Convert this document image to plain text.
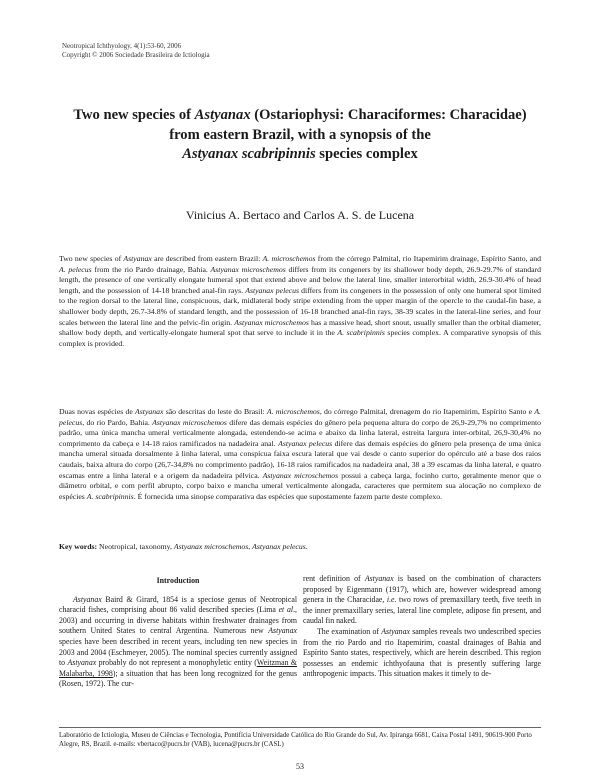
Neotropical Ichthyology, 4(1):53-60, 2006
Copyright © 2006 Sociedade Brasileira de Ictiologia
Two new species of Astyanax (Ostariophysi: Characiformes: Characidae)
from eastern Brazil, with a synopsis of the
Astyanax scabripinnis species complex
Vinicius A. Bertaco and Carlos A. S. de Lucena

Two new species of Astyanax are described from eastern Brazil: A. microschemos from the córrego Palmital, rio Itapemirim drainage, Espírito Santo, and A. pelecus from the rio Pardo drainage, Bahia. Astyanax microschemos differs from its congeners by its shallower body depth, 26.9-29.7% of standard length, the presence of one vertically elongate humeral spot that extend above and below the lateral line, smaller interorbital width, 26.9-30.4% of head length, and the possession of 14-18 branched anal-fin rays. Astyanax pelecus differs from its congeners in the possession of only one humeral spot limited to the region dorsal to the lateral line, conspicuous, dark, midlateral body stripe extending from the upper margin of the opercle to the caudal-fin base, a shallower body depth, 26.7-34.8% of standard length, and the possession of 16-18 branched anal-fin rays, 38-39 scales in the lateral-line series, and four scales between the lateral line and the pelvic-fin origin. Astyanax microschemos has a massive head, short snout, usually smaller than the orbital diameter, shallow body depth, and vertically-elongate humeral spot that serve to include it in the A. scabripinnis species complex. A comparative synopsis of this complex is provided.

Duas novas espécies de Astyanax são descritas do leste do Brasil: A. microschemos, do córrego Palmital, drenagem do rio Itapemirim, Espírito Santo e A. pelecus, do rio Pardo, Bahia. Astyanax microschemos difere das demais espécies do gênero pela pequena altura do corpo de 26,9-29,7% no comprimento padrão, uma única mancha umeral verticalmente alongada, estendendo-se acima e abaixo da linha lateral, estreita largura inter-orbital, 26,9-30,4% no comprimento da cabeça e 14-18 raios ramificados na nadadeira anal. Astyanax pelecus difere das demais espécies do gênero pela presença de uma única mancha umeral situada dorsalmente à linha lateral, uma conspícua faixa escura lateral que vai desde o canto superior do opérculo até a base dos raios caudais, baixa altura do corpo (26,7-34,8% no comprimento padrão), 16-18 raios ramificados na nadadeira anal, 38 a 39 escamas da linha lateral, e quatro escamas entre a linha lateral e a origem da nadadeira pélvica. Astyanax microschemos possui a cabeça larga, focinho curto, geralmente menor que o diâmetro orbital, e com perfil abrupto, corpo baixo e mancha umeral verticalmente alongada, caracteres que permitem sua alocação no complexo de espécies A. scabripinnis. É fornecida uma sinopse comparativa das espécies que supostamente fazem parte deste complexo.

Key words: Neotropical, taxonomy, Astyanax microschemos, Astyanax pelecus.

Introduction

Astyanax Baird & Girard, 1854 is a speciose genus of Neotropical characid fishes, comprising about 86 valid described species (Lima et al., 2003) and occurring in diverse habitats within freshwater drainages from southern United States to central Argentina. Numerous new Astyanax species have been described in recent years, including ten new species in 2003 and 2004 (Eschmeyer, 2005). The nominal species currently assigned to Astyanax probably do not represent a monophyletic entity (Weitzman & Malabarba, 1998); a situation that has been long recognized for the genus (Rosen, 1972). The cur-

rent definition of Astyanax is based on the combination of characters proposed by Eigenmann (1917), which are, however widespread among genera in the Characidae, i.e. two rows of premaxillary teeth, five teeth in the inner premaxillary series, lateral line complete, adipose fin present, and caudal fin naked.

The examination of Astyanax samples reveals two undescribed species from the rio Pardo and rio Itapemirim, coastal drainages of Bahia and Espírito Santo states, respectively, which are herein described. This region possesses an endemic ichthyofauna that is presently suffering large anthropogenic impacts. This situation makes it timely to de-

Laboratório de Ictiologia, Museu de Ciências e Tecnologia, Pontifícia Universidade Católica do Rio Grande do Sul, Av. Ipiranga 6681, Caixa Postal 1491, 90619-900 Porto Alegre, RS, Brazil. e-mails: vbertaco@pucrs.br (VAB), lucena@pucrs.br (CASL)
53
